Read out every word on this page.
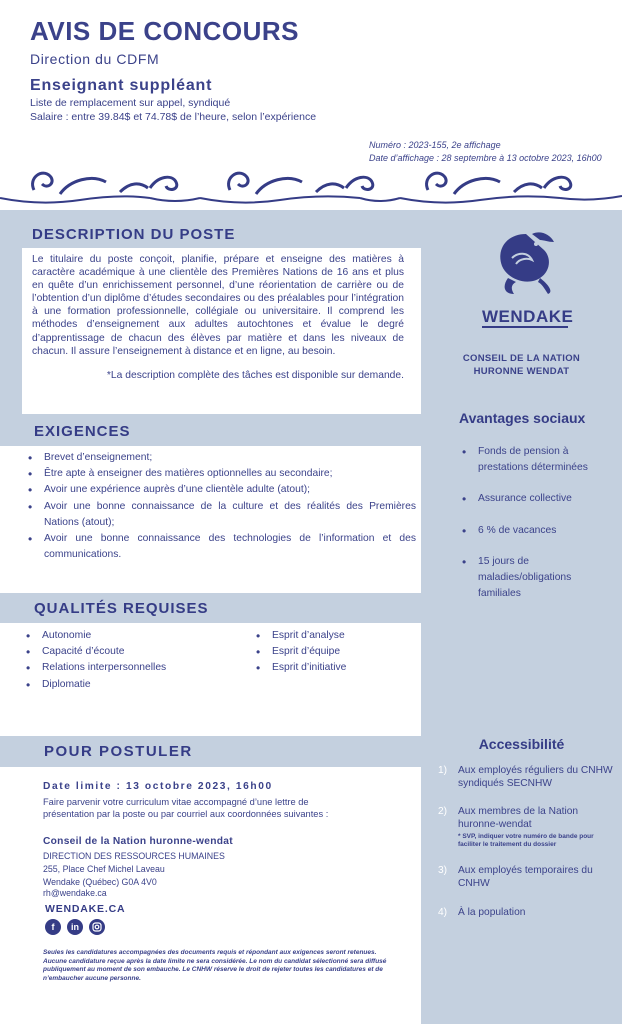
AVIS DE CONCOURS
Direction du CDFM
Enseignant suppléant
Liste de remplacement sur appel, syndiqué
Salaire : entre 39.84$ et 74.78$ de l’heure, selon l’expérience
Numéro : 2023-155, 2e affichage
Date d’affichage : 28 septembre à 13 octobre 2023, 16h00
DESCRIPTION DU POSTE
Le titulaire du poste conçoit, planifie, prépare et enseigne des matières à caractère académique à une clientèle des Premières Nations de 16 ans et plus en quête d’un enrichissement personnel, d’une réorientation de carrière ou de l’obtention d’un diplôme d’études secondaires ou des préalables pour l’intégration à une formation professionnelle, collégiale ou universitaire. Il comprend les méthodes d’enseignement aux adultes autochtones et évalue le degré d’apprentissage de chacun des élèves par matière et dans les niveaux de chacun. Il assure l’enseignement à distance et en ligne, au besoin.
*La description complète des tâches est disponible sur demande.
EXIGENCES
• Brevet d’enseignement;
• Être apte à enseigner des matières optionnelles au secondaire;
• Avoir une expérience auprès d’une clientèle adulte (atout);
• Avoir une bonne connaissance de la culture et des réalités des Premières Nations (atout);
• Avoir une bonne connaissance des technologies de l’information et des communications.
QUALITÉS REQUISES
• Autonomie
• Capacité d’écoute
• Relations interpersonnelles
• Diplomatie
• Esprit d’analyse
• Esprit d’équipe
• Esprit d’initiative
POUR POSTULER
Date limite : 13 octobre 2023, 16h00
Faire parvenir votre curriculum vitae accompagné d’une lettre de
présentation par la poste ou par courriel aux coordonnées suivantes :
Conseil de la Nation huronne-wendat
DIRECTION DES RESSOURCES HUMAINES
255, Place Chef Michel Laveau
Wendake (Québec) G0A 4V0
rh@wendake.ca
WENDAKE.CA
f	in
Seules les candidatures accompagnées des documents requis et répondant aux exigences seront retenues. Aucune candidature reçue après la date limite ne sera considérée. Le nom du candidat sélectionné sera diffusé publiquement au moment de son embauche. Le CNHW réserve le droit de rejeter toutes les candidatures et de n’embaucher aucune personne.
WENDAKE
CONSEIL DE LA NATION
HURONNE WENDAT
Avantages sociaux
• Fonds de pension à prestations déterminées
• Assurance collective
• 6 % de vacances
• 15 jours de maladies/obligations familiales
Accessibilité
1) Aux employés réguliers du CNHW syndiqués SECNHW
2) Aux membres de la Nation huronne-wendat
* SVP, indiquer votre numéro de bande pour faciliter le traitement du dossier
3) Aux employés temporaires du CNHW
4) À la population
